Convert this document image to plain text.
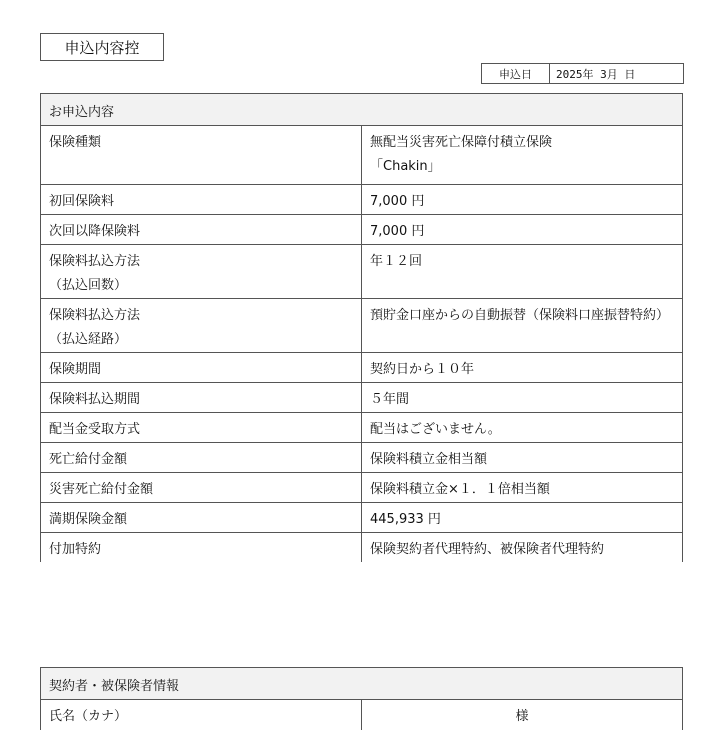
申込内容控
申込日	2025年 3月 日
お申込内容	

保険種類	無配当災害死亡保障付積立保険
「Chakin」

初回保険料	7,000 円

次回以降保険料	7,000 円

保険料払込方法
（払込回数）	年１２回

保険料払込方法
（払込経路）	預貯金口座からの自動振替（保険料口座振替特約）

保険期間	契約日から１０年

保険料払込期間	５年間

配当金受取方式	配当はございません。

死亡給付金額	保険料積立金相当額

災害死亡給付金額	保険料積立金×１．１倍相当額

満期保険金額	445,933 円

付加特約	保険契約者代理特約、被保険者代理特約
契約者・被保険者情報
氏名（カナ）	様
